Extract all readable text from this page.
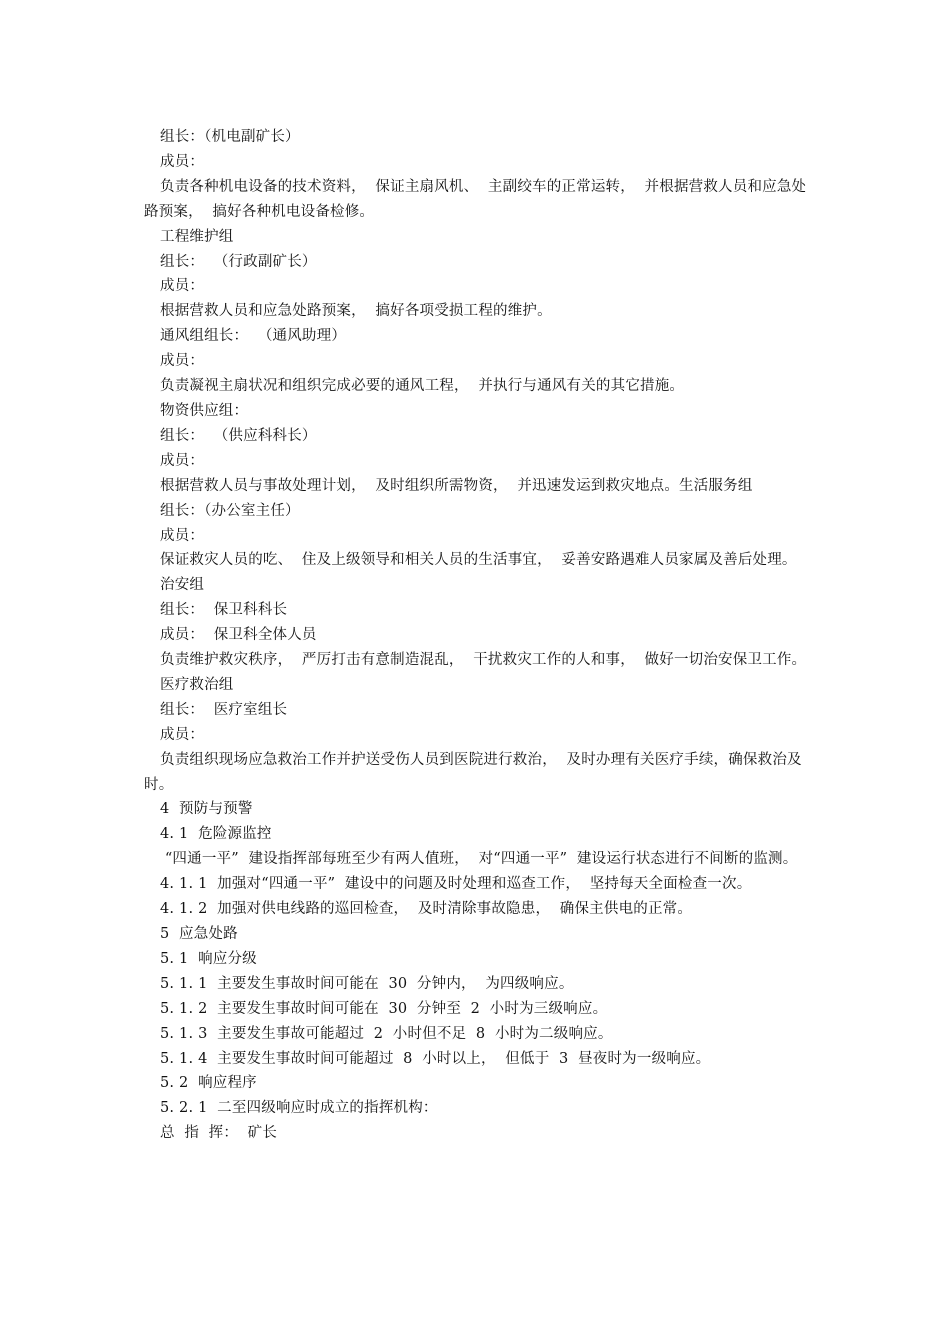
组长：（机电副矿长）

成员：

负责各种机电设备的技术资料，  保证主扇风机、  主副绞车的正常运转，  并根据营救人员和应急处路预案，  搞好各种机电设备检修。

工程维护组

组长：  （行政副矿长）

成员：

根据营救人员和应急处路预案，  搞好各项受损工程的维护。

通风组组长：  （通风助理）

成员：

负责凝视主扇状况和组织完成必要的通风工程，  并执行与通风有关的其它措施。

物资供应组：

组长：  （供应科科长）

成员：

根据营救人员与事故处理计划，  及时组织所需物资，  并迅速发运到救灾地点。生活服务组

组长：（办公室主任）

成员：

保证救灾人员的吃、  住及上级领导和相关人员的生活事宜，  妥善安路遇难人员家属及善后处理。

治安组

组长：  保卫科科长

成员：  保卫科全体人员

负责维护救灾秩序，  严厉打击有意制造混乱，  干扰救灾工作的人和事，  做好一切治安保卫工作。

医疗救治组

组长：  医疗室组长

成员：

负责组织现场应急救治工作并护送受伤人员到医院进行救治，  及时办理有关医疗手续，确保救治及时。

4  预防与预警

4. 1  危险源监控

“四通一平”  建设指挥部每班至少有两人值班，  对“四通一平”  建设运行状态进行不间断的监测。

4. 1. 1  加强对“四通一平”  建设中的问题及时处理和巡查工作，  坚持每天全面检查一次。

4. 1. 2  加强对供电线路的巡回检查，  及时清除事故隐患，  确保主供电的正常。

5  应急处路

5. 1  响应分级

5. 1. 1  主要发生事故时间可能在  30  分钟内，  为四级响应。

5. 1. 2  主要发生事故时间可能在  30  分钟至  2  小时为三级响应。

5. 1. 3  主要发生事故可能超过  2  小时但不足  8  小时为二级响应。

5. 1. 4  主要发生事故时间可能超过  8  小时以上，  但低于  3  昼夜时为一级响应。

5. 2  响应程序

5. 2. 1  二至四级响应时成立的指挥机构：

总  指  挥：  矿长
